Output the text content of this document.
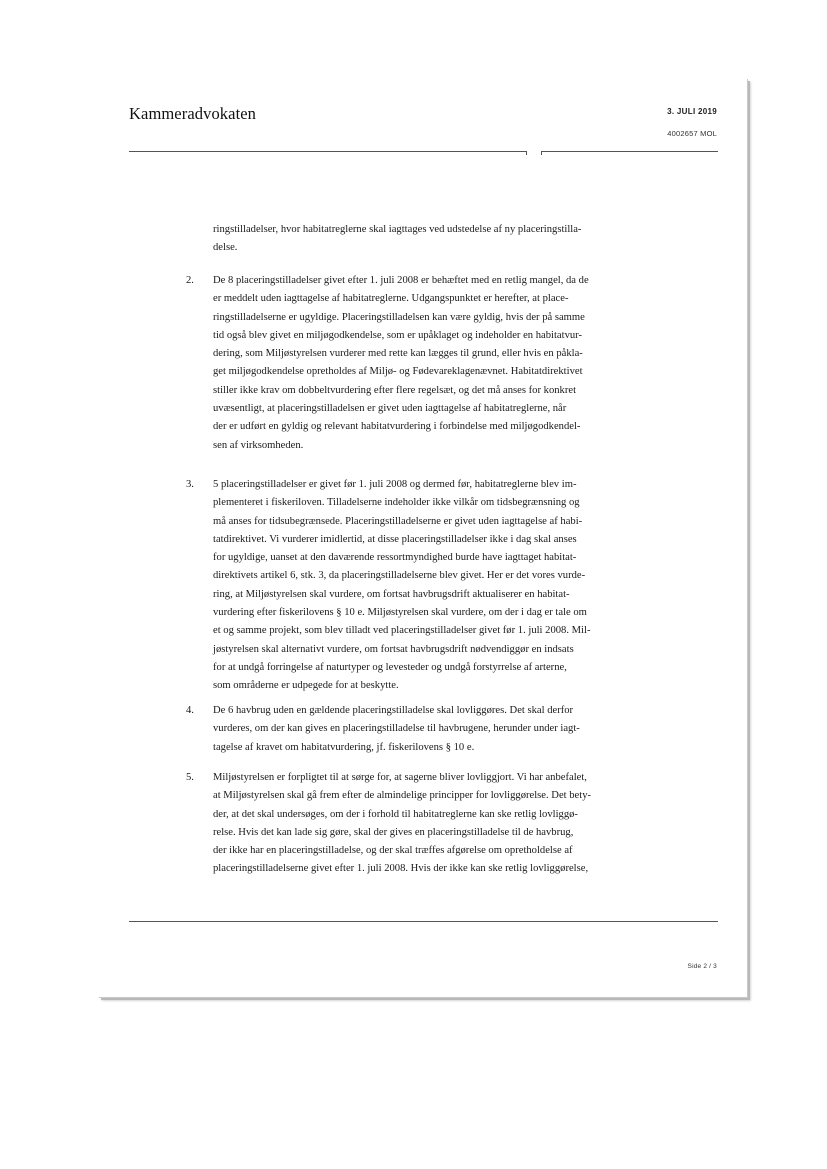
Kammeradvokaten	3. JULI 2019
4002657 MOL

ringstilladelser, hvor habitatreglerne skal iagttages ved udstedelse af ny placeringstilla-
delse.

2.	De 8 placeringstilladelser givet efter 1. juli 2008 er behæftet med en retlig mangel, da de
er meddelt uden iagttagelse af habitatreglerne. Udgangspunktet er herefter, at place-
ringstilladelserne er ugyldige. Placeringstilladelsen kan være gyldig, hvis der på samme
tid også blev givet en miljøgodkendelse, som er upåklaget og indeholder en habitatvur-
dering, som Miljøstyrelsen vurderer med rette kan lægges til grund, eller hvis en påkla-
get miljøgodkendelse opretholdes af Miljø- og Fødevareklagenævnet. Habitatdirektivet
stiller ikke krav om dobbeltvurdering efter flere regelsæt, og det må anses for konkret
uvæsentligt, at placeringstilladelsen er givet uden iagttagelse af habitatreglerne, når
der er udført en gyldig og relevant habitatvurdering i forbindelse med miljøgodkendel-
sen af virksomheden.

3.	5 placeringstilladelser er givet før 1. juli 2008 og dermed før, habitatreglerne blev im-
plementeret i fiskeriloven. Tilladelserne indeholder ikke vilkår om tidsbegrænsning og
må anses for tidsubegrænsede. Placeringstilladelserne er givet uden iagttagelse af habi-
tatdirektivet. Vi vurderer imidlertid, at disse placeringstilladelser ikke i dag skal anses
for ugyldige, uanset at den daværende ressortmyndighed burde have iagttaget habitat-
direktivets artikel 6, stk. 3, da placeringstilladelserne blev givet. Her er det vores vurde-
ring, at Miljøstyrelsen skal vurdere, om fortsat havbrugsdrift aktualiserer en habitat-
vurdering efter fiskerilovens § 10 e. Miljøstyrelsen skal vurdere, om der i dag er tale om
et og samme projekt, som blev tilladt ved placeringstilladelser givet før 1. juli 2008. Mil-
jøstyrelsen skal alternativt vurdere, om fortsat havbrugsdrift nødvendiggør en indsats
for at undgå forringelse af naturtyper og levesteder og undgå forstyrrelse af arterne,
som områderne er udpegede for at beskytte.

4.	De 6 havbrug uden en gældende placeringstilladelse skal lovliggøres. Det skal derfor
vurderes, om der kan gives en placeringstilladelse til havbrugene, herunder under iagt-
tagelse af kravet om habitatvurdering, jf. fiskerilovens § 10 e.

5.	Miljøstyrelsen er forpligtet til at sørge for, at sagerne bliver lovliggjort. Vi har anbefalet,
at Miljøstyrelsen skal gå frem efter de almindelige principper for lovliggørelse. Det bety-
der, at det skal undersøges, om der i forhold til habitatreglerne kan ske retlig lovliggø-
relse. Hvis det kan lade sig gøre, skal der gives en placeringstilladelse til de havbrug,
der ikke har en placeringstilladelse, og der skal træffes afgørelse om opretholdelse af
placeringstilladelserne givet efter 1. juli 2008. Hvis der ikke kan ske retlig lovliggørelse,

Side 2 / 3
